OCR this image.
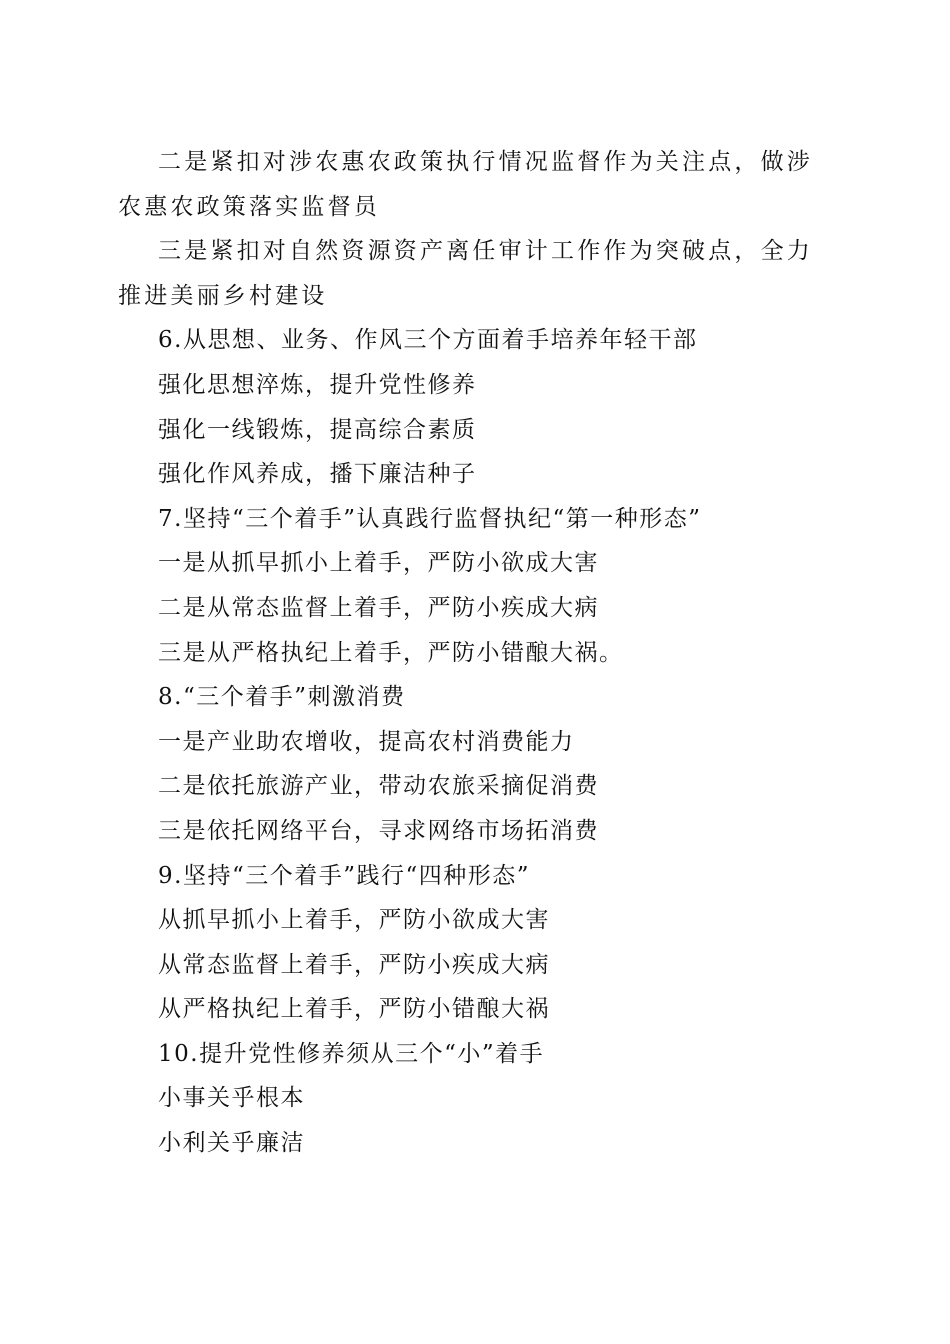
二是紧扣对涉农惠农政策执行情况监督作为关注点，做涉农惠农政策落实监督员

三是紧扣对自然资源资产离任审计工作作为突破点，全力推进美丽乡村建设

6.从思想、业务、作风三个方面着手培养年轻干部

强化思想淬炼，提升党性修养

强化一线锻炼，提高综合素质

强化作风养成，播下廉洁种子

7.坚持“三个着手”认真践行监督执纪“第一种形态”

一是从抓早抓小上着手，严防小欲成大害

二是从常态监督上着手，严防小疾成大病

三是从严格执纪上着手，严防小错酿大祸。

8.“三个着手”刺激消费

一是产业助农增收，提高农村消费能力

二是依托旅游产业，带动农旅采摘促消费

三是依托网络平台，寻求网络市场拓消费

9.坚持“三个着手”践行“四种形态”

从抓早抓小上着手，严防小欲成大害

从常态监督上着手，严防小疾成大病

从严格执纪上着手，严防小错酿大祸

10.提升党性修养须从三个“小”着手

小事关乎根本

小利关乎廉洁
